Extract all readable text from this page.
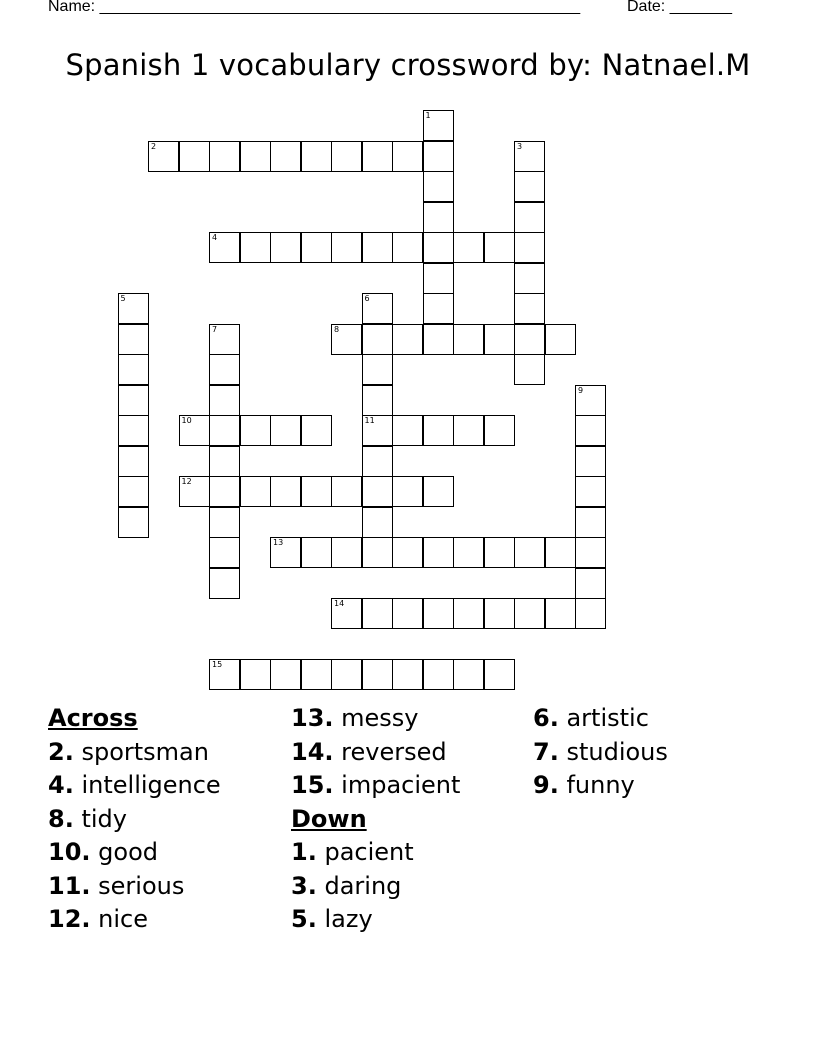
Name: ______________________________________________________	Date: _______
Spanish 1 vocabulary crossword by: Natnael.M
1
2	3
4
5	6
11
7	8
9
10
12
13
14
15
Across
2. sportsman
4. intelligence
8. tidy
10. good
11. serious
12. nice
13. messy
14. reversed
15. impacient
Down
1. pacient
3. daring
5. lazy
6. artistic
7. studious
9. funny
